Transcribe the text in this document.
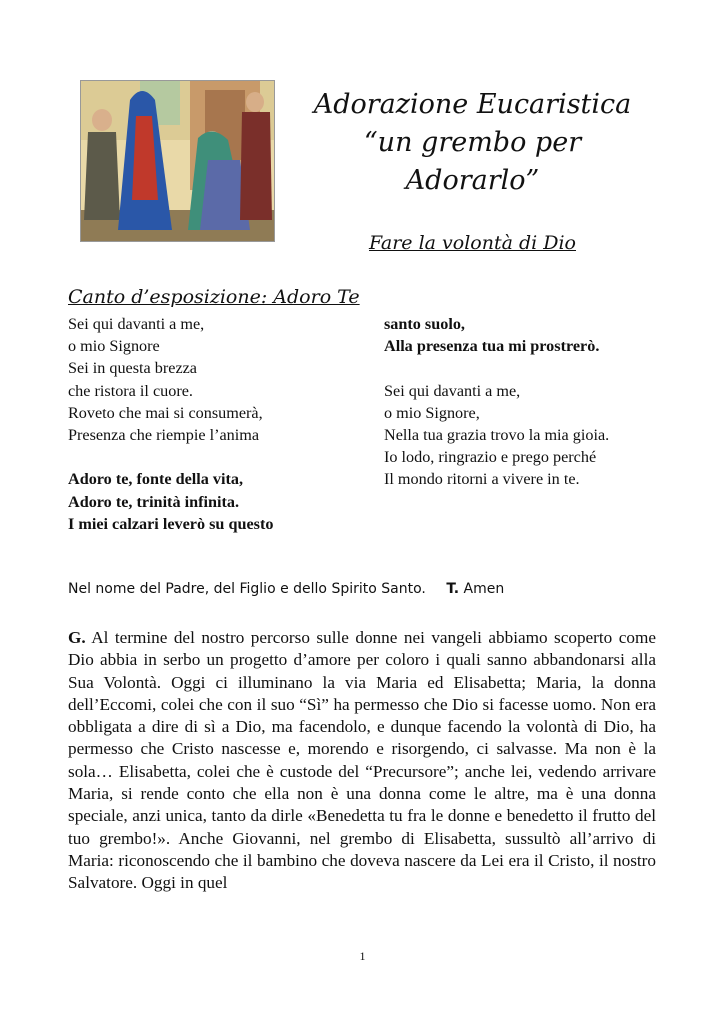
Adorazione Eucaristica
“un grembo per
Adorarlo”
Fare la volontà di Dio
Canto d’esposizione: Adoro Te
Sei qui davanti a me,
o mio Signore
Sei in questa brezza
che ristora il cuore.
Roveto che mai si consumerà,
Presenza che riempie l’anima
Adoro te, fonte della vita,
Adoro te, trinità infinita.
I miei calzari leverò su questo
santo suolo,
Alla presenza tua mi prostrerò.
Sei qui davanti a me,
o mio Signore,
Nella tua grazia trovo la mia gioia.
Io lodo, ringrazio e prego perché
Il mondo ritorni a vivere in te.
Nel nome del Padre, del Figlio e dello Spirito Santo. T. Amen
G. Al termine del nostro percorso sulle donne nei vangeli abbiamo scoperto come Dio abbia in serbo un progetto d’amore per coloro i quali sanno abbandonarsi alla Sua Volontà. Oggi ci illuminano la via Maria ed Elisabetta; Maria, la donna dell’Eccomi, colei che con il suo “Sì” ha permesso che Dio si facesse uomo. Non era obbligata a dire di sì a Dio, ma facendolo, e dunque facendo la volontà di Dio, ha permesso che Cristo nascesse e, morendo e risorgendo, ci salvasse. Ma non è la sola… Elisabetta, colei che è custode del “Precursore”; anche lei, vedendo arrivare Maria, si rende conto che ella non è una donna come le altre, ma è una donna speciale, anzi unica, tanto da dirle «Benedetta tu fra le donne e benedetto il frutto del tuo grembo!». Anche Giovanni, nel grembo di Elisabetta, sussultò all’arrivo di Maria: riconoscendo che il bambino che doveva nascere da Lei era il Cristo, il nostro Salvatore. Oggi in quel
1
